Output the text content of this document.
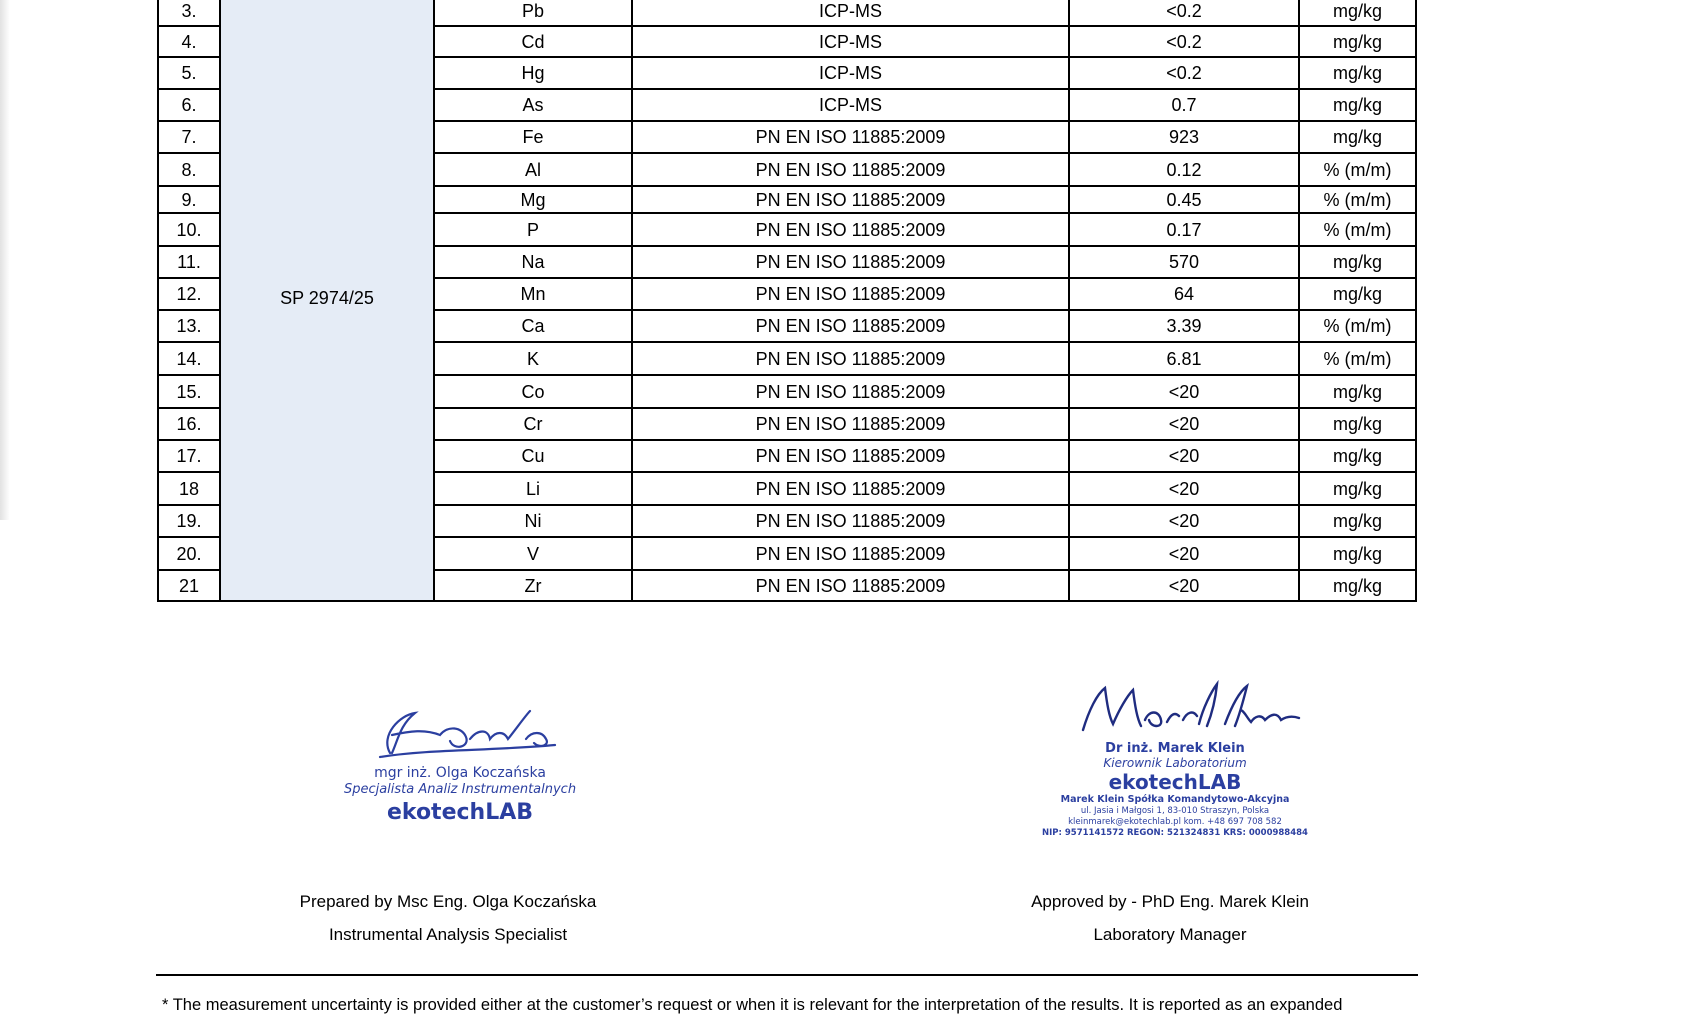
3.	SP 2974/25	Pb	ICP-MS	<0.2	mg/kg
4.		Cd	ICP-MS	<0.2	mg/kg
5.		Hg	ICP-MS	<0.2	mg/kg
6.		As	ICP-MS	0.7	mg/kg
7.		Fe	PN EN ISO 11885:2009	923	mg/kg
8.		Al	PN EN ISO 11885:2009	0.12	% (m/m)
9.		Mg	PN EN ISO 11885:2009	0.45	% (m/m)
10.		P	PN EN ISO 11885:2009	0.17	% (m/m)
11.		Na	PN EN ISO 11885:2009	570	mg/kg
12.		Mn	PN EN ISO 11885:2009	64	mg/kg
13.		Ca	PN EN ISO 11885:2009	3.39	% (m/m)
14.		K	PN EN ISO 11885:2009	6.81	% (m/m)
15.		Co	PN EN ISO 11885:2009	<20	mg/kg
16.		Cr	PN EN ISO 11885:2009	<20	mg/kg
17.		Cu	PN EN ISO 11885:2009	<20	mg/kg
18		Li	PN EN ISO 11885:2009	<20	mg/kg
19.		Ni	PN EN ISO 11885:2009	<20	mg/kg
20.		V	PN EN ISO 11885:2009	<20	mg/kg
21		Zr	PN EN ISO 11885:2009	<20	mg/kg
mgr inż. Olga Koczańska
Specjalista Analiz Instrumentalnych
ekotechLAB
Dr inż. Marek Klein
Kierownik Laboratorium
ekotechLAB
Marek Klein Spółka Komandytowo-Akcyjna
ul. Jasia i Małgosi 1, 83-010 Straszyn, Polska
kleinmarek@ekotechlab.pl kom. +48 697 708 582
NIP: 9571141572 REGON: 521324831 KRS: 0000988484
Prepared by Msc Eng. Olga Koczańska
Instrumental Analysis Specialist
Approved by - PhD Eng. Marek Klein
Laboratory Manager
* The measurement uncertainty is provided either at the customer’s request or when it is relevant for the interpretation of the results. It is reported as an expanded
